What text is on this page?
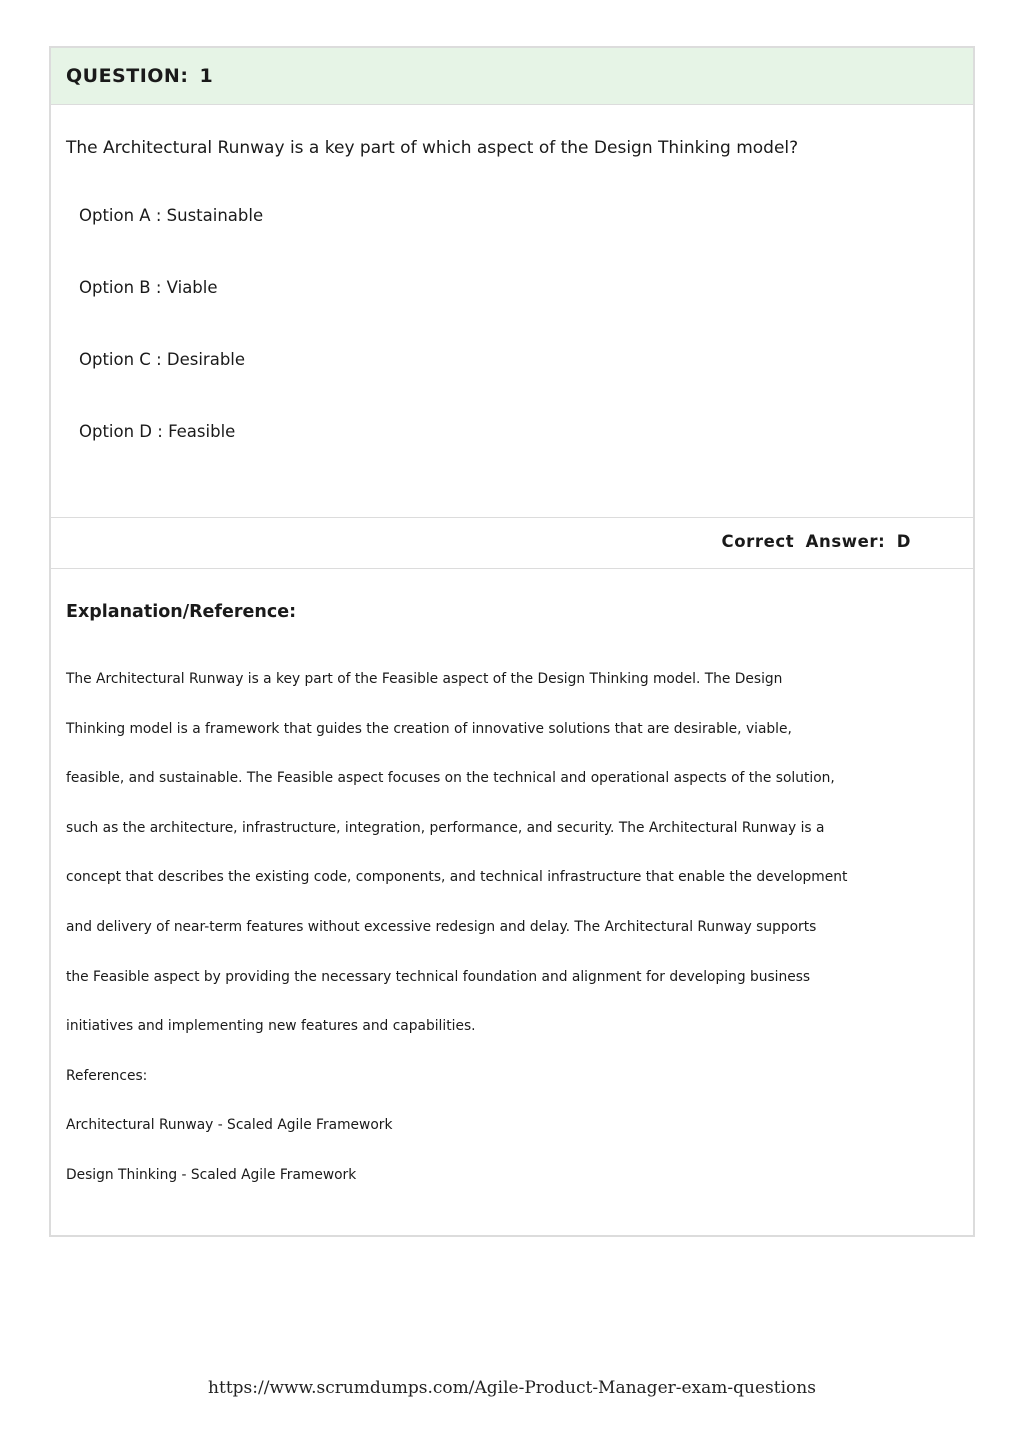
QUESTION: 1
The Architectural Runway is a key part of which aspect of the Design Thinking model?
Option A : Sustainable
Option B : Viable
Option C : Desirable
Option D : Feasible
Correct Answer: D
Explanation/Reference:
The Architectural Runway is a key part of the Feasible aspect of the Design Thinking model. The Design
Thinking model is a framework that guides the creation of innovative solutions that are desirable, viable,
feasible, and sustainable. The Feasible aspect focuses on the technical and operational aspects of the solution,
such as the architecture, infrastructure, integration, performance, and security. The Architectural Runway is a
concept that describes the existing code, components, and technical infrastructure that enable the development
and delivery of near-term features without excessive redesign and delay. The Architectural Runway supports
the Feasible aspect by providing the necessary technical foundation and alignment for developing business
initiatives and implementing new features and capabilities.
References:
Architectural Runway - Scaled Agile Framework
Design Thinking - Scaled Agile Framework
https://www.scrumdumps.com/Agile-Product-Manager-exam-questions
